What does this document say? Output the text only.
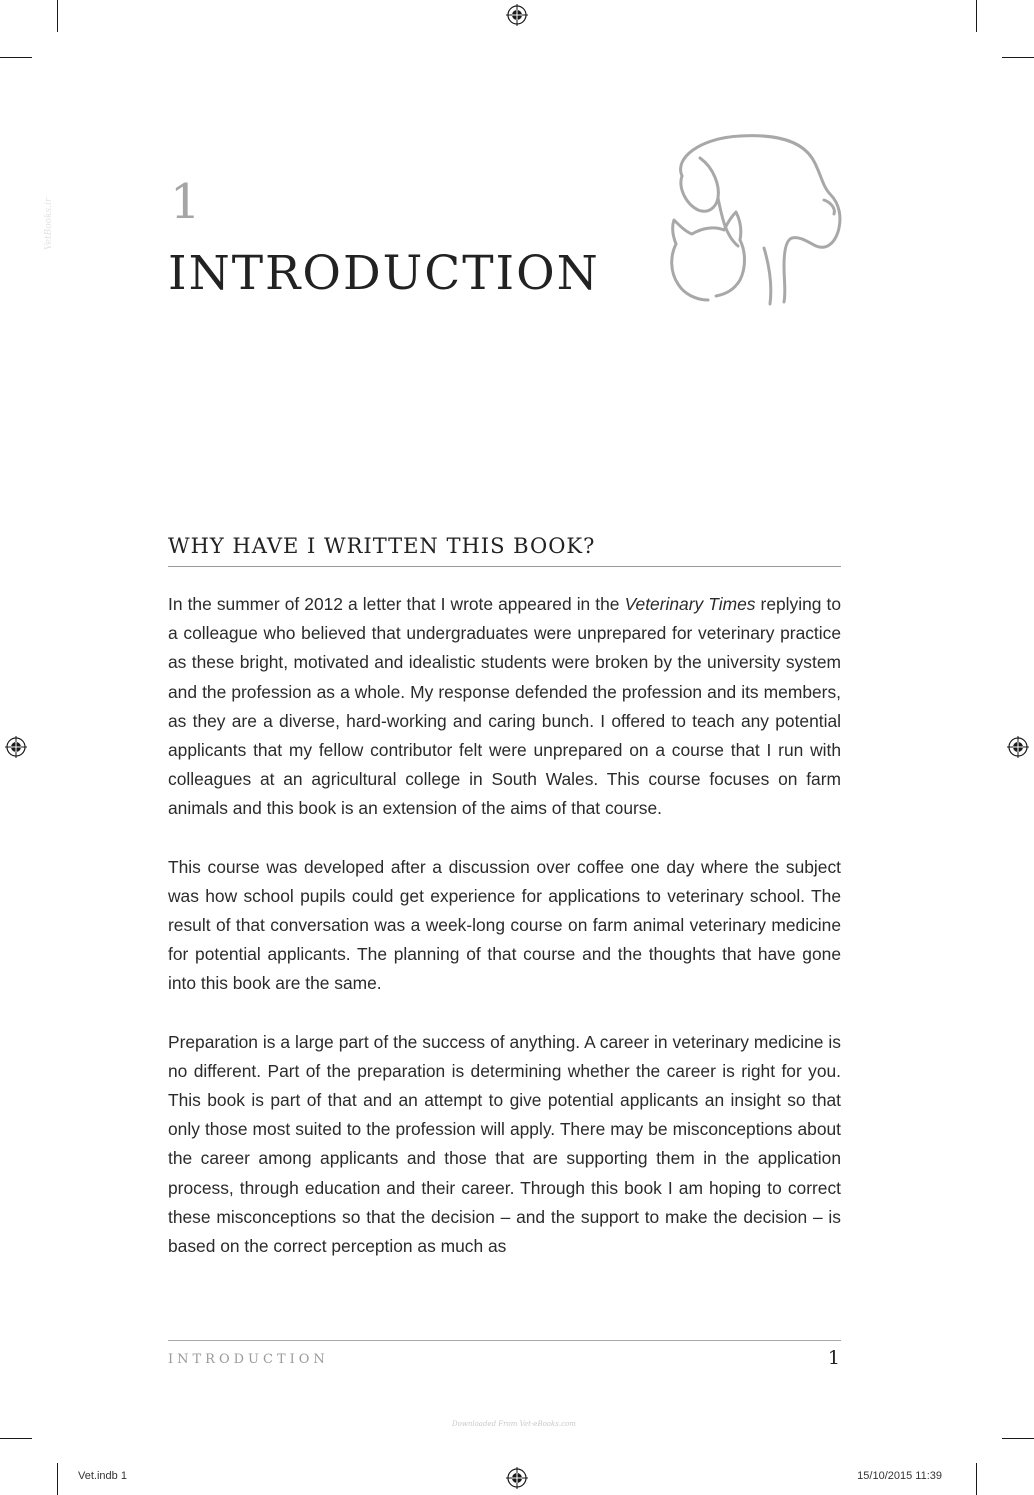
VetBooks.ir 1
INTRODUCTION
WHY HAVE I WRITTEN THIS BOOK?

In the summer of 2012 a letter that I wrote appeared in the Veterinary Times replying to a colleague who believed that undergraduates were unprepared for veterinary practice as these bright, motivated and idealistic students were broken by the university system and the profession as a whole. My response defended the profession and its members, as they are a diverse, hard-working and caring bunch. I offered to teach any potential applicants that my fellow contributor felt were unprepared on a course that I run with colleagues at an agricultural college in South Wales. This course focuses on farm animals and this book is an extension of the aims of that course.

This course was developed after a discussion over coffee one day where the subject was how school pupils could get experience for applications to veterinary school. The result of that conversation was a week-long course on farm animal veterinary medicine for potential applicants. The planning of that course and the thoughts that have gone into this book are the same.

Preparation is a large part of the success of anything. A career in veterinary medicine is no different. Part of the preparation is determining whether the career is right for you. This book is part of that and an attempt to give potential applicants an insight so that only those most suited to the profession will apply. There may be misconceptions about the career among applicants and those that are supporting them in the application process, through education and their career. Through this book I am hoping to correct these misconceptions so that the decision – and the support to make the decision – is based on the correct perception as much as

INTRODUCTION	1
Downloaded From Vet-eBooks.com
Vet.indb 1	15/10/2015 11:39
